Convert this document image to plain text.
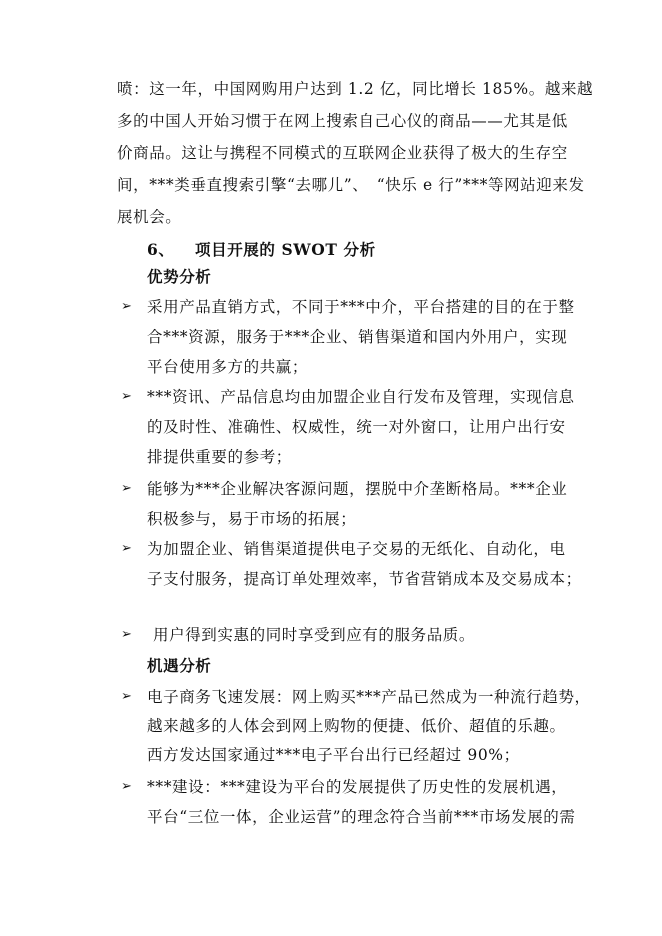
喷：这一年，中国网购用户达到 1.2 亿，同比增长 185%。越来越
多的中国人开始习惯于在网上搜索自己心仪的商品——尤其是低
价商品。这让与携程不同模式的互联网企业获得了极大的生存空
间，***类垂直搜索引擎“去哪儿”、　“快乐 e 行”***等网站迎来发
展机会。
6、 项目开展的 SWOT 分析
优势分析
➢ 采用产品直销方式，不同于***中介，平台搭建的目的在于整
合***资源，服务于***企业、销售渠道和国内外用户，实现
平台使用多方的共赢；
➢ ***资讯、产品信息均由加盟企业自行发布及管理，实现信息
的及时性、准确性、权威性，统一对外窗口，让用户出行安
排提供重要的参考；
➢ 能够为***企业解决客源问题，摆脱中介垄断格局。***企业
积极参与，易于市场的拓展；
➢ 为加盟企业、销售渠道提供电子交易的无纸化、自动化，电
子支付服务，提高订单处理效率，节省营销成本及交易成本；
➢ 用户得到实惠的同时享受到应有的服务品质。
机遇分析
➢ 电子商务飞速发展：网上购买***产品已然成为一种流行趋势，
越来越多的人体会到网上购物的便捷、低价、超值的乐趣。
西方发达国家通过***电子平台出行已经超过 90%；
➢ ***建设：***建设为平台的发展提供了历史性的发展机遇，
平台“三位一体，企业运营”的理念符合当前***市场发展的需
